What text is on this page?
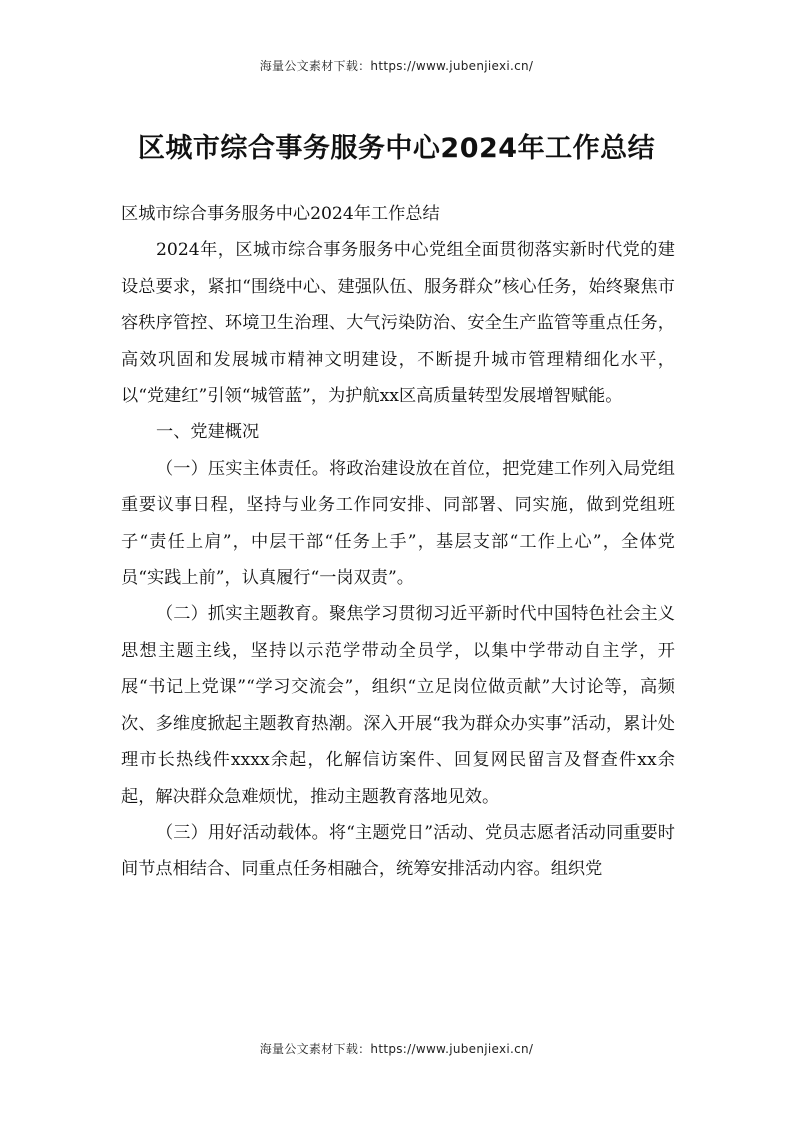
海量公文素材下载：https://www.jubenjiexi.cn/
区城市综合事务服务中心2024年工作总结

区城市综合事务服务中心2024年工作总结

2024年，区城市综合事务服务中心党组全面贯彻落实新时代党的建设总要求，紧扣“围绕中心、建强队伍、服务群众”核心任务，始终聚焦市容秩序管控、环境卫生治理、大气污染防治、安全生产监管等重点任务，高效巩固和发展城市精神文明建设，不断提升城市管理精细化水平，以“党建红”引领“城管蓝”，为护航xx区高质量转型发展增智赋能。

一、党建概况

（一）压实主体责任。将政治建设放在首位，把党建工作列入局党组重要议事日程，坚持与业务工作同安排、同部署、同实施，做到党组班子“责任上肩”，中层干部“任务上手”，基层支部“工作上心”，全体党员“实践上前”，认真履行“一岗双责”。

（二）抓实主题教育。聚焦学习贯彻习近平新时代中国特色社会主义思想主题主线，坚持以示范学带动全员学，以集中学带动自主学，开展“书记上党课”“学习交流会”，组织“立足岗位做贡献”大讨论等，高频次、多维度掀起主题教育热潮。深入开展“我为群众办实事”活动，累计处理市长热线件xxxx余起，化解信访案件、回复网民留言及督查件xx余起，解决群众急难烦忧，推动主题教育落地见效。

（三）用好活动载体。将“主题党日”活动、党员志愿者活动同重要时间节点相结合、同重点任务相融合，统筹安排活动内容。组织党

海量公文素材下载：https://www.jubenjiexi.cn/
